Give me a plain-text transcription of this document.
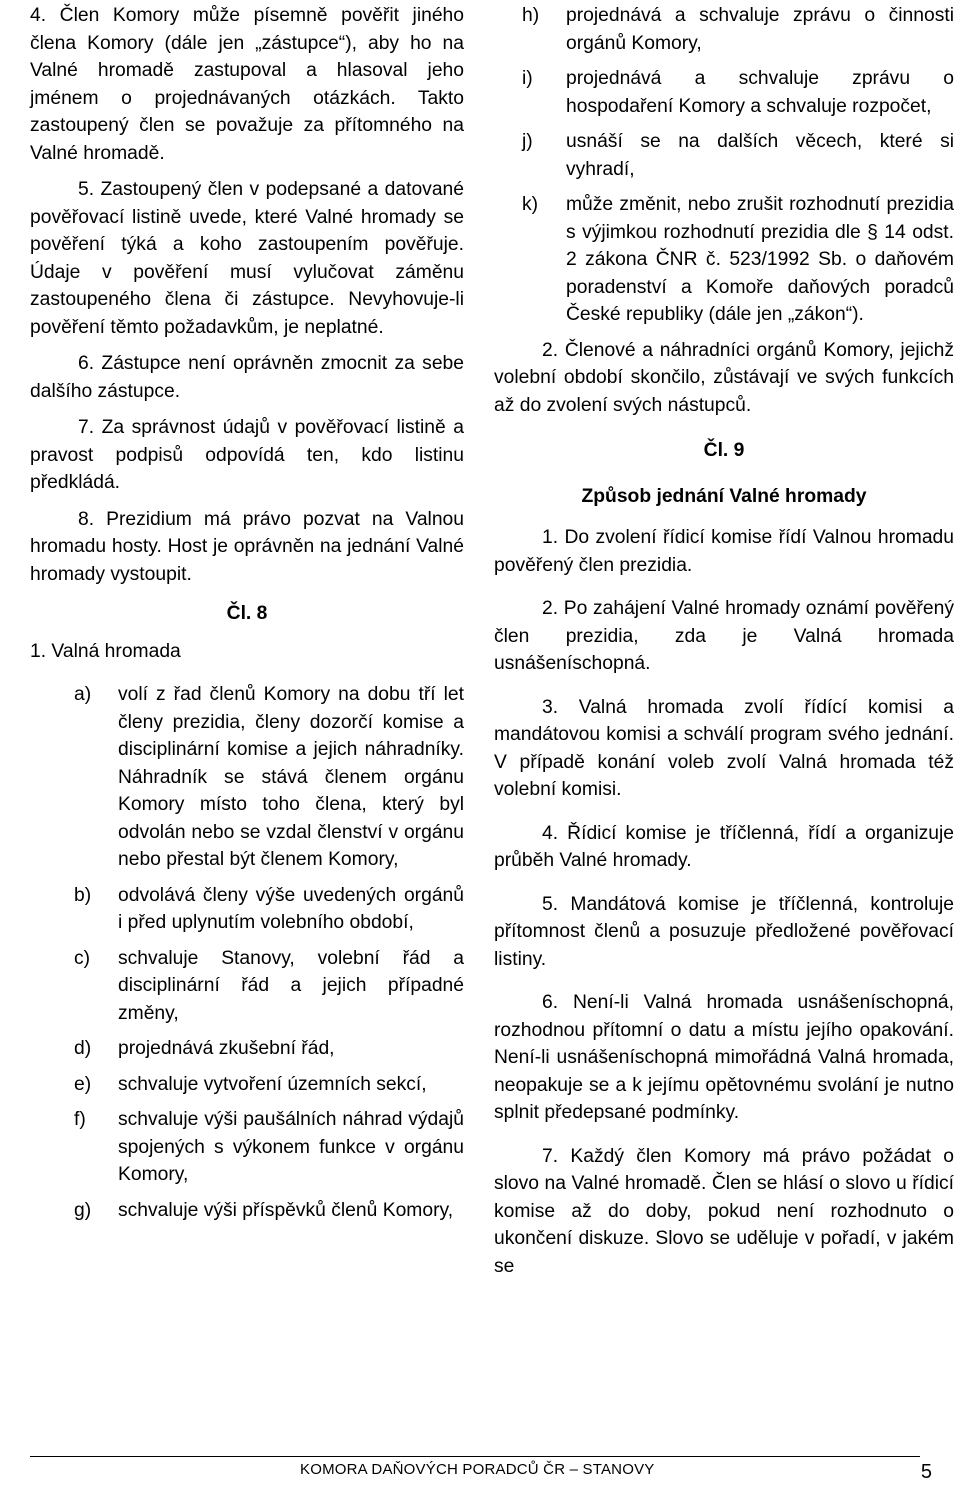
4. Člen Komory může písemně pověřit jiného člena Komory (dále jen „zástupce“), aby ho na Valné hromadě zastupoval a hlasoval jeho jménem o projednávaných otázkách. Takto zastoupený člen se považuje za přítomného na Valné hromadě.

5. Zastoupený člen v podepsané a datované pověřovací listině uvede, které Valné hromady se pověření týká a koho zastoupením pověřuje. Údaje v pověření musí vylučovat záměnu zastoupeného člena či zástupce. Nevyhovuje-li pověření těmto požadavkům, je neplatné.

6. Zástupce není oprávněn zmocnit za sebe dalšího zástupce.

7. Za správnost údajů v pověřovací listině a pravost podpisů odpovídá ten, kdo listinu předkládá.

8. Prezidium má právo pozvat na Valnou hromadu hosty. Host je oprávněn na jednání Valné hromady vystoupit.

Čl. 8

1. Valná hromada

a)	volí z řad členů Komory na dobu tří let členy prezidia, členy dozorčí komise a disciplinární komise a jejich náhradníky. Náhradník se stává členem orgánu Komory místo toho člena, který byl odvolán nebo se vzdal členství v orgánu nebo přestal být členem Komory,
b)	odvolává členy výše uvedených orgánů i před uplynutím volebního období,
c)	schvaluje Stanovy, volební řád a disciplinární řád a jejich případné změny,
d)	projednává zkušební řád,
e)	schvaluje vytvoření územních sekcí,
f)	schvaluje výši paušálních náhrad výdajů spojených s výkonem funkce v orgánu Komory,
g)	schvaluje výši příspěvků členů Komory,
h)	projednává a schvaluje zprávu o činnosti orgánů Komory,
i)	projednává a schvaluje zprávu o hospodaření Komory a schvaluje rozpočet,
j)	usnáší se na dalších věcech, které si vyhradí,
k)	může změnit, nebo zrušit rozhodnutí prezidia s výjimkou rozhodnutí prezidia dle § 14 odst. 2 zákona ČNR č. 523/1992 Sb. o daňovém poradenství a Komoře daňových poradců České republiky (dále jen „zákon“).

2. Členové a náhradníci orgánů Komory, jejichž volební období skončilo, zůstávají ve svých funkcích až do zvolení svých nástupců.

Čl. 9

Způsob jednání Valné hromady

1. Do zvolení řídicí komise řídí Valnou hromadu pověřený člen prezidia.

2. Po zahájení Valné hromady oznámí pověřený člen prezidia, zda je Valná hromada usnášeníschopná.

3. Valná hromada zvolí řídící komisi a mandátovou komisi a schválí program svého jednání. V případě konání voleb zvolí Valná hromada též volební komisi.

4. Řídicí komise je tříčlenná, řídí a organizuje průběh Valné hromady.

5. Mandátová komise je tříčlenná, kontroluje přítomnost členů a posuzuje předložené pověřovací listiny.

6. Není-li Valná hromada usnášeníschopná, rozhodnou přítomní o datu a místu jejího opakování. Není-li usnášeníschopná mimořádná Valná hromada, neopakuje se a k jejímu opětovnému svolání je nutno splnit předepsané podmínky.

7. Každý člen Komory má právo požádat o slovo na Valné hromadě. Člen se hlásí o slovo u řídicí komise až do doby, pokud není rozhodnuto o ukončení diskuze. Slovo se uděluje v pořadí, v jakém se

KOMORA DAŇOVÝCH PORADCŮ ČR – STANOVY	5
